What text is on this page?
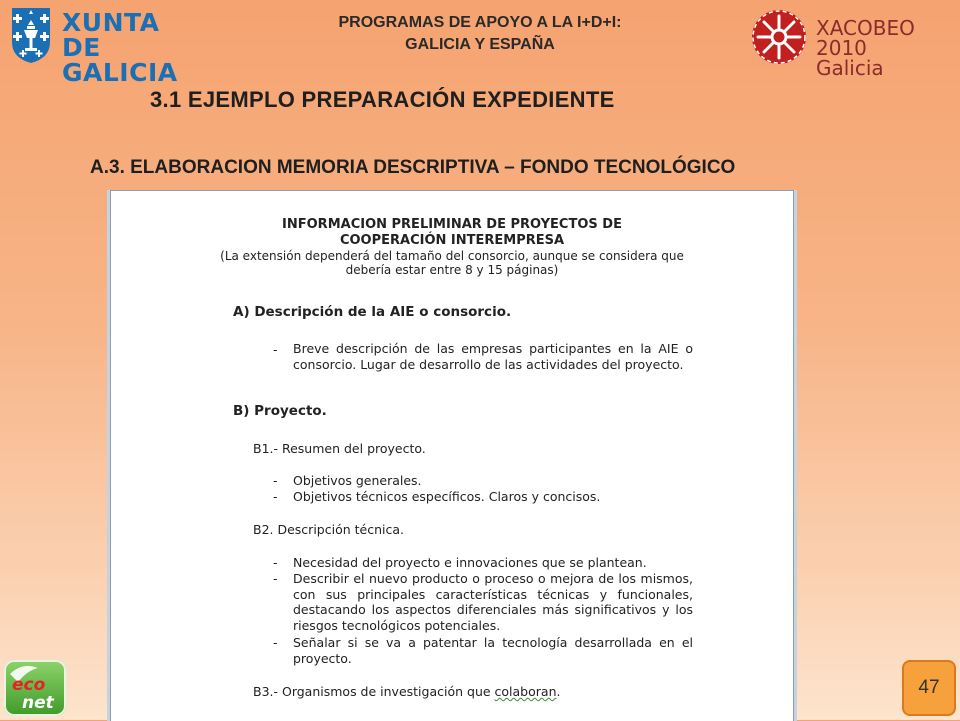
XUNTA
DE GALICIA
PROGRAMAS DE APOYO A LA I+D+I:
GALICIA Y ESPAÑA
XACOBEO 2010
Galicia
3.1 EJEMPLO PREPARACIÓN EXPEDIENTE
A.3. ELABORACION MEMORIA DESCRIPTIVA – FONDO TECNOLÓGICO
INFORMACION PRELIMINAR DE PROYECTOS DE
COOPERACIÓN INTEREMPRESA
(La extensión dependerá del tamaño del consorcio, aunque se considera que
debería estar entre 8 y 15 páginas)
A) Descripción de la AIE o consorcio.
- Breve descripción de las empresas participantes en la AIE o consorcio. Lugar de desarrollo de las actividades del proyecto.
B) Proyecto.
B1.- Resumen del proyecto.
- Objetivos generales.
- Objetivos técnicos específicos. Claros y concisos.
B2. Descripción técnica.
- Necesidad del proyecto e innovaciones que se plantean.
- Describir el nuevo producto o proceso o mejora de los mismos, con sus principales características técnicas y funcionales, destacando los aspectos diferenciales más significativos y los riesgos tecnológicos potenciales.
- Señalar si se va a patentar la tecnología desarrollada en el proyecto.
B3.- Organismos de investigación que colaboran.
eco
net
47
